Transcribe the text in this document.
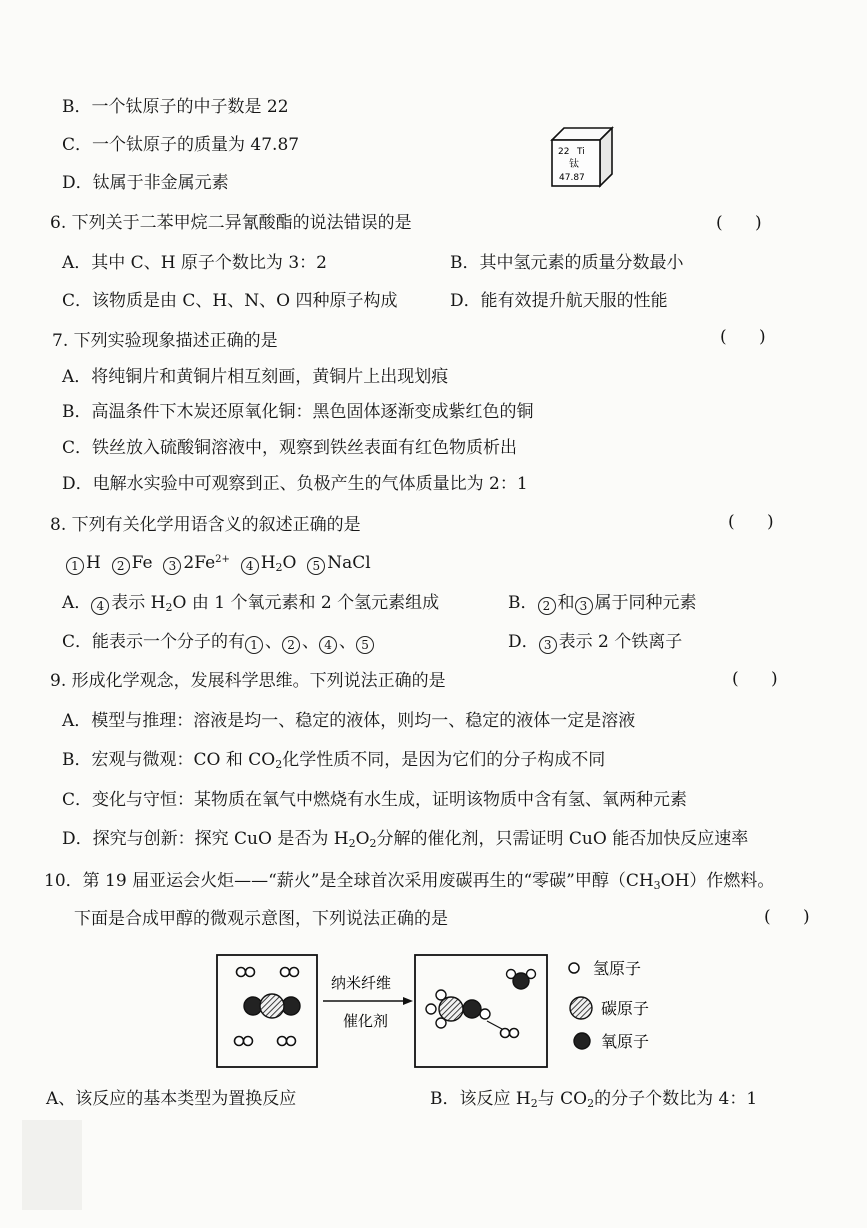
B．一个钛原子的中子数是 22
C．一个钛原子的质量为 47.87
D．钛属于非金属元素
22 Ti
钛
47.87
6. 下列关于二苯甲烷二异氰酸酯的说法错误的是	(      )
A．其中 C、H 原子个数比为 3：2	B．其中氢元素的质量分数最小
C．该物质是由 C、H、N、O 四种原子构成	D．能有效提升航天服的性能
7. 下列实验现象描述正确的是	(      )
A．将纯铜片和黄铜片相互刻画，黄铜片上出现划痕
B．高温条件下木炭还原氧化铜：黑色固体逐渐变成紫红色的铜
C．铁丝放入硫酸铜溶液中，观察到铁丝表面有红色物质析出
D．电解水实验中可观察到正、负极产生的气体质量比为 2：1
8. 下列有关化学用语含义的叙述正确的是	(      )
1 H 2 Fe 3 $2Fe^{2+}$ 4 $H_2O$ 5 NaCl
A． 4 表示 $H_2O$ 由 1 个氧元素和 2 个氢元素组成	B． 2 和 3 属于同种元素
C．能表示一个分子的有 1 、 2 、 4 、 5	D． 3 表示 2 个铁离子
9. 形成化学观念，发展科学思维。下列说法正确的是	(      )
A．模型与推理：溶液是均一、稳定的液体，则均一、稳定的液体一定是溶液
B．宏观与微观：CO 和 $CO_2$化学性质不同，是因为它们的分子构成不同
C．变化与守恒：某物质在氧气中燃烧有水生成，证明该物质中含有氢、氧两种元素
D．探究与创新：探究 CuO 是否为 $H_2O_2$分解的催化剂，只需证明 CuO 能否加快反应速率
10．第 19 届亚运会火炬——“薪火”是全球首次采用废碳再生的“零碳”甲醇$(CH_3OH)$作燃料。
下面是合成甲醇的微观示意图，下列说法正确的是	(      )
纳米纤维
催化剂
氢原子
碳原子
氧原子
A、该反应的基本类型为置换反应	B．该反应 $H_2$与 $CO_2$的分子个数比为 4：1
